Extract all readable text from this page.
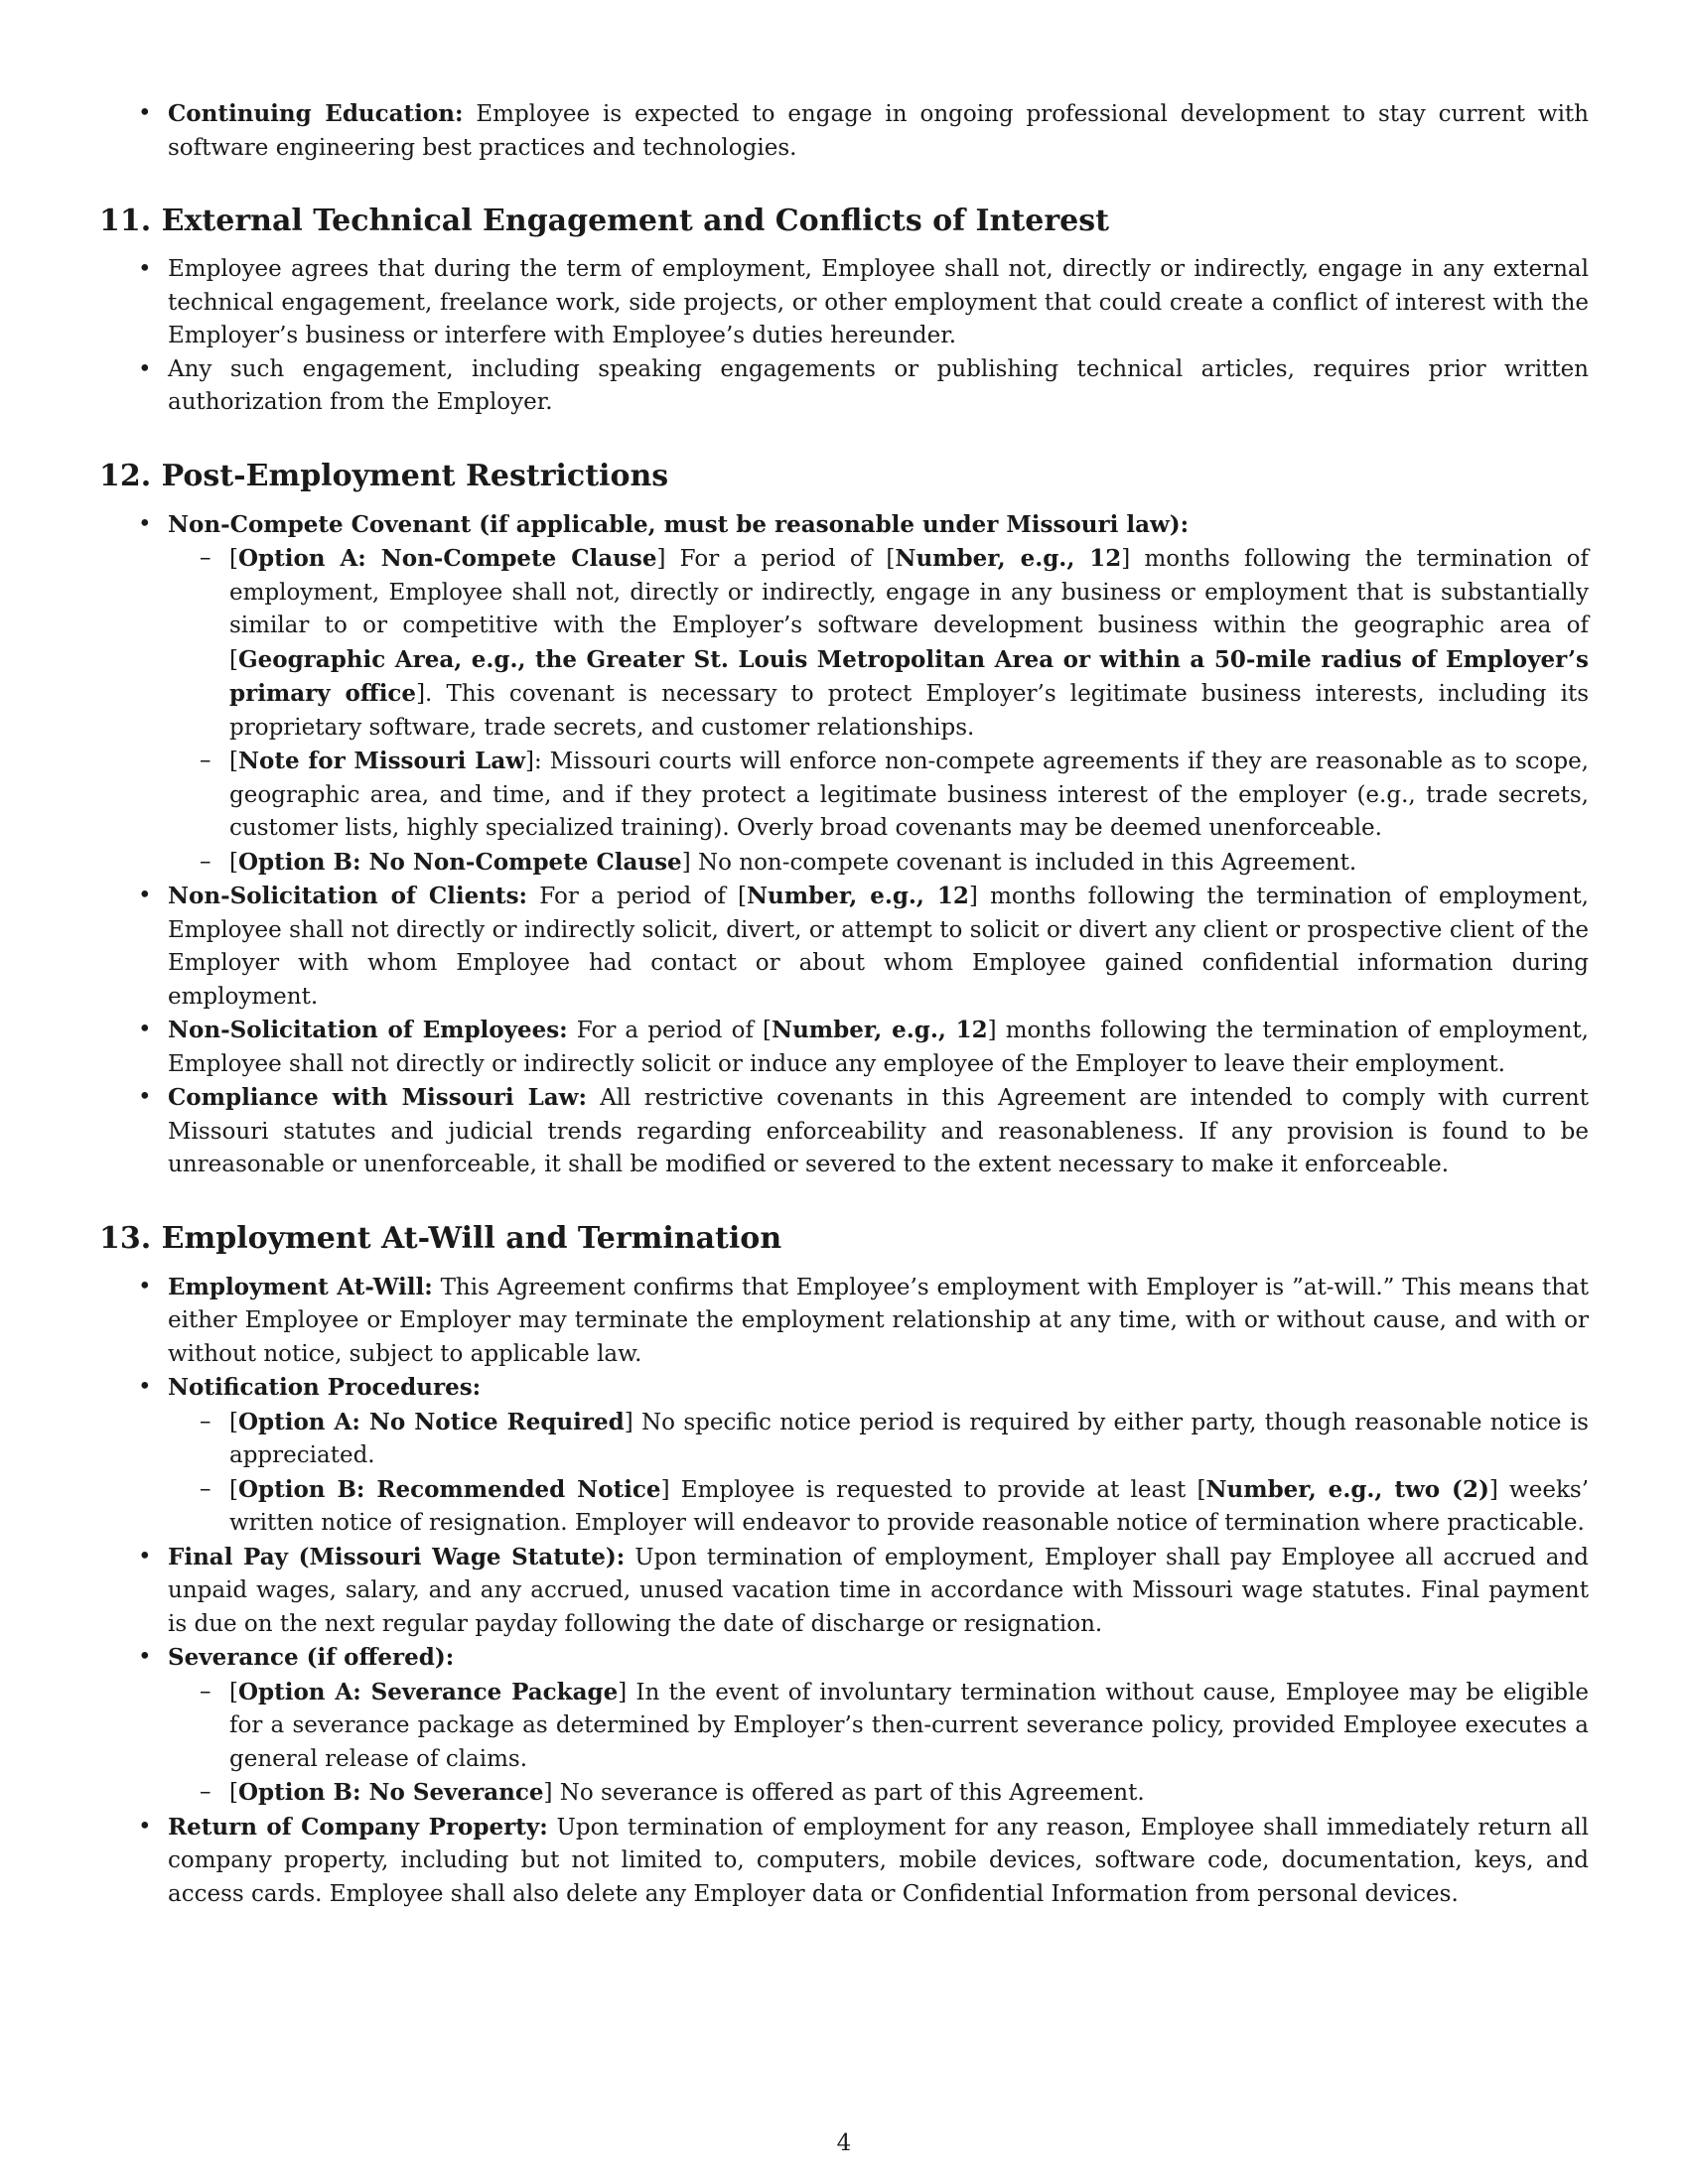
• Continuing Education: Employee is expected to engage in ongoing professional development to stay current with software engineering best practices and technologies.
11. External Technical Engagement and Conflicts of Interest
• Employee agrees that during the term of employment, Employee shall not, directly or indirectly, engage in any external technical engagement, freelance work, side projects, or other employment that could create a conflict of interest with the Employer’s business or interfere with Employee’s duties hereunder.
• Any such engagement, including speaking engagements or publishing technical articles, requires prior written authorization from the Employer.
12. Post-Employment Restrictions
• Non-Compete Covenant (if applicable, must be reasonable under Missouri law):
– [Option A: Non-Compete Clause] For a period of [Number, e.g., 12] months following the termination of employment, Employee shall not, directly or indirectly, engage in any business or employment that is substantially similar to or competitive with the Employer’s software development business within the geographic area of [Geographic Area, e.g., the Greater St. Louis Metropolitan Area or within a 50-mile radius of Employer’s primary office]. This covenant is necessary to protect Employer’s legitimate business interests, including its proprietary software, trade secrets, and customer relationships.
– [Note for Missouri Law]: Missouri courts will enforce non-compete agreements if they are reasonable as to scope, geographic area, and time, and if they protect a legitimate business interest of the employer (e.g., trade secrets, customer lists, highly specialized training). Overly broad covenants may be deemed unenforceable.
– [Option B: No Non-Compete Clause] No non-compete covenant is included in this Agreement.
• Non-Solicitation of Clients: For a period of [Number, e.g., 12] months following the termination of employment, Employee shall not directly or indirectly solicit, divert, or attempt to solicit or divert any client or prospective client of the Employer with whom Employee had contact or about whom Employee gained confidential information during employment.
• Non-Solicitation of Employees: For a period of [Number, e.g., 12] months following the termination of employment, Employee shall not directly or indirectly solicit or induce any employee of the Employer to leave their employment.
• Compliance with Missouri Law: All restrictive covenants in this Agreement are intended to comply with current Missouri statutes and judicial trends regarding enforceability and reasonableness. If any provision is found to be unreasonable or unenforceable, it shall be modified or severed to the extent necessary to make it enforceable.
13. Employment At-Will and Termination
• Employment At-Will: This Agreement confirms that Employee’s employment with Employer is ”at-will.” This means that either Employee or Employer may terminate the employment relationship at any time, with or without cause, and with or without notice, subject to applicable law.
• Notification Procedures:
– [Option A: No Notice Required] No specific notice period is required by either party, though reasonable notice is appreciated.
– [Option B: Recommended Notice] Employee is requested to provide at least [Number, e.g., two (2)] weeks’ written notice of resignation. Employer will endeavor to provide reasonable notice of termination where practicable.
• Final Pay (Missouri Wage Statute): Upon termination of employment, Employer shall pay Employee all accrued and unpaid wages, salary, and any accrued, unused vacation time in accordance with Missouri wage statutes. Final payment is due on the next regular payday following the date of discharge or resignation.
• Severance (if offered):
– [Option A: Severance Package] In the event of involuntary termination without cause, Employee may be eligible for a severance package as determined by Employer’s then-current severance policy, provided Employee executes a general release of claims.
– [Option B: No Severance] No severance is offered as part of this Agreement.
• Return of Company Property: Upon termination of employment for any reason, Employee shall immediately return all company property, including but not limited to, computers, mobile devices, software code, documentation, keys, and access cards. Employee shall also delete any Employer data or Confidential Information from personal devices.
4
